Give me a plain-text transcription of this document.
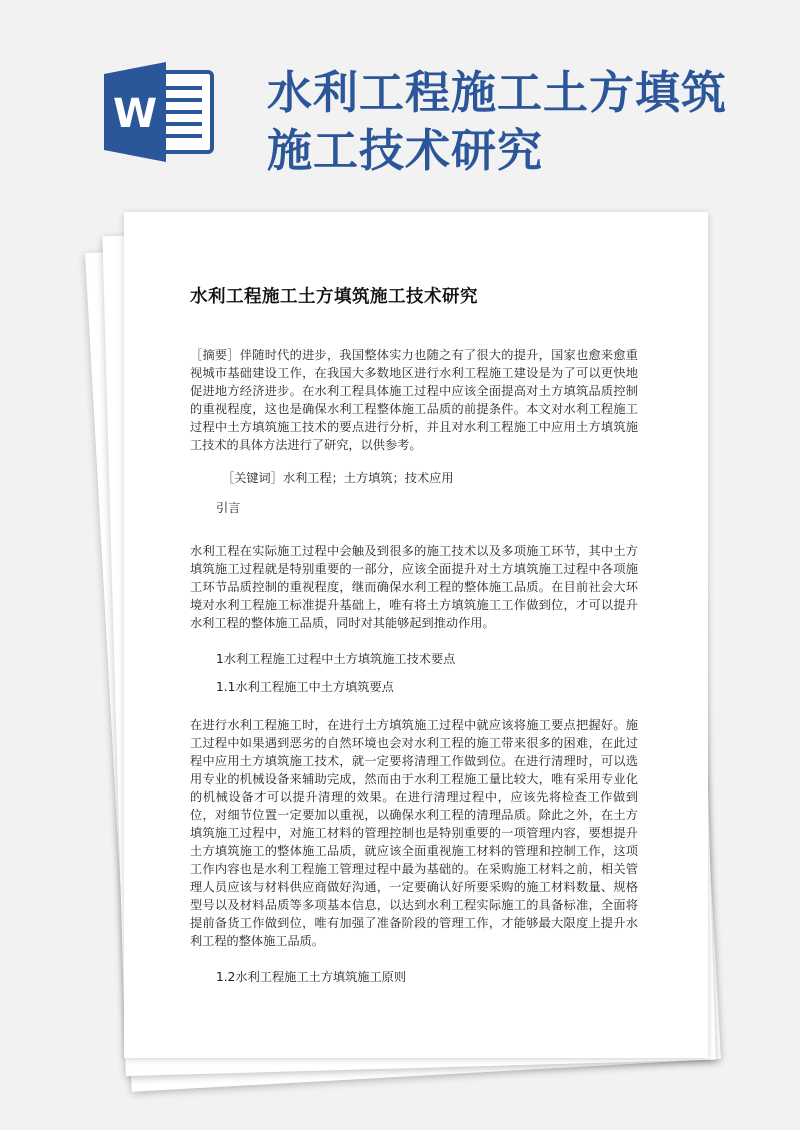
W 水利工程施工土方填筑
施工技术研究
水利工程施工土方填筑施工技术研究

［摘要］伴随时代的进步，我国整体实力也随之有了很大的提升，国家也愈来愈重视城市基础建设工作，在我国大多数地区进行水利工程施工建设是为了可以更快地促进地方经济进步。在水利工程具体施工过程中应该全面提高对土方填筑品质控制的重视程度，这也是确保水利工程整体施工品质的前提条件。本文对水利工程施工过程中土方填筑施工技术的要点进行分析，并且对水利工程施工中应用土方填筑施工技术的具体方法进行了研究，以供参考。

［关键词］水利工程；土方填筑；技术应用
引言

水利工程在实际施工过程中会触及到很多的施工技术以及多项施工环节，其中土方填筑施工过程就是特别重要的一部分，应该全面提升对土方填筑施工过程中各项施工环节品质控制的重视程度，继而确保水利工程的整体施工品质。在目前社会大环境对水利工程施工标准提升基础上，唯有将土方填筑施工工作做到位，才可以提升水利工程的整体施工品质，同时对其能够起到推动作用。

1水利工程施工过程中土方填筑施工技术要点
1.1水利工程施工中土方填筑要点

在进行水利工程施工时，在进行土方填筑施工过程中就应该将施工要点把握好。施工过程中如果遇到恶劣的自然环境也会对水利工程的施工带来很多的困难，在此过程中应用土方填筑施工技术，就一定要将清理工作做到位。在进行清理时，可以选用专业的机械设备来辅助完成，然而由于水利工程施工量比较大，唯有采用专业化的机械设备才可以提升清理的效果。在进行清理过程中，应该先将检查工作做到位，对细节位置一定要加以重视，以确保水利工程的清理品质。除此之外，在土方填筑施工过程中，对施工材料的管理控制也是特别重要的一项管理内容，要想提升土方填筑施工的整体施工品质，就应该全面重视施工材料的管理和控制工作，这项工作内容也是水利工程施工管理过程中最为基础的。在采购施工材料之前，相关管理人员应该与材料供应商做好沟通，一定要确认好所要采购的施工材料数量、规格型号以及材料品质等多项基本信息，以达到水利工程实际施工的具备标准，全面将提前备货工作做到位，唯有加强了准备阶段的管理工作，才能够最大限度上提升水利工程的整体施工品质。

1.2水利工程施工土方填筑施工原则
